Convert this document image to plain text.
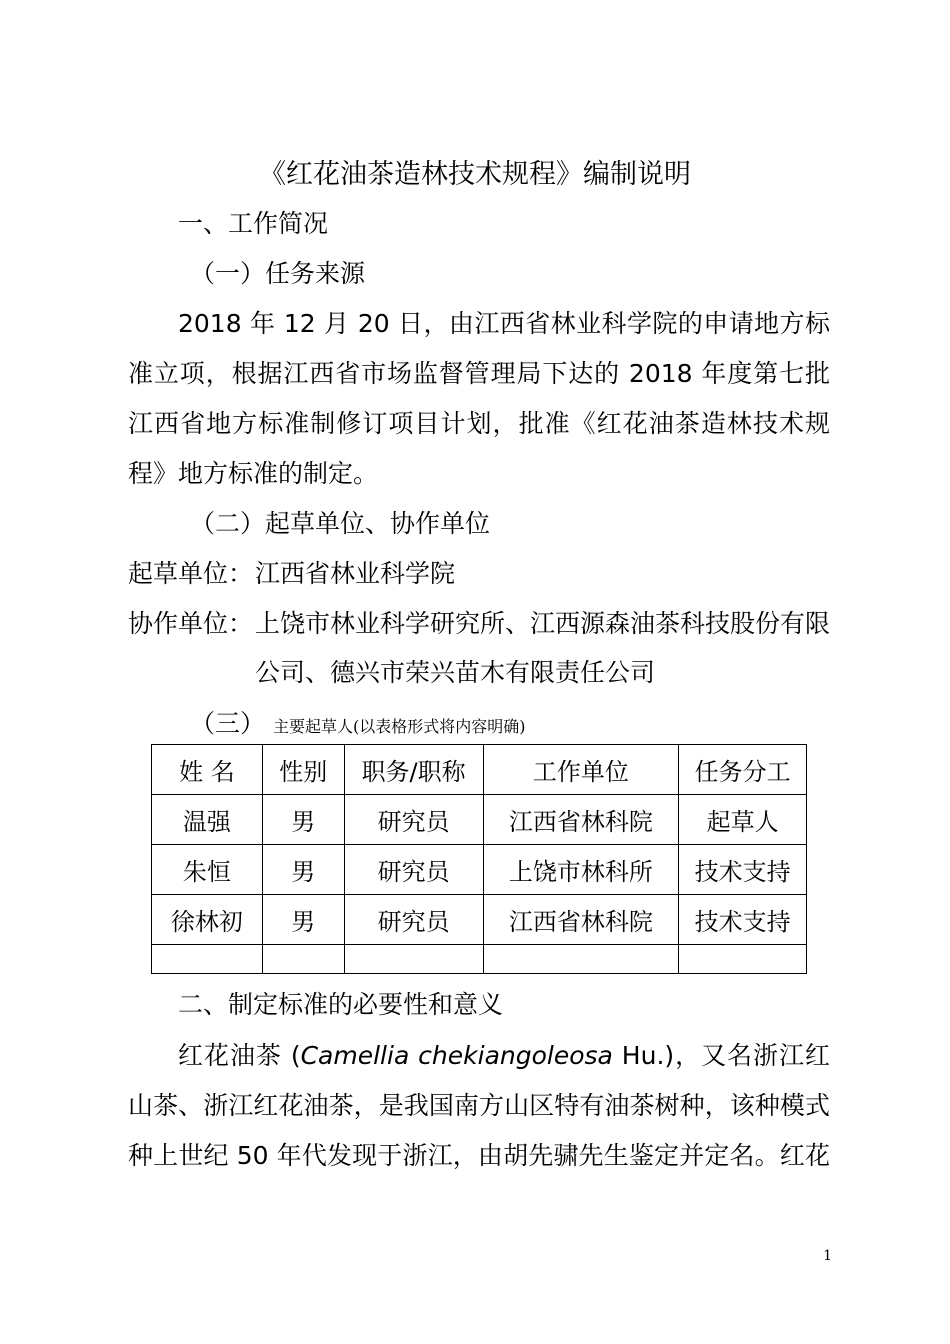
《红花油茶造林技术规程》编制说明
一、工作简况
（一）任务来源
2018 年 12 月 20 日，由江西省林业科学院的申请地方标
准立项，根据江西省市场监督管理局下达的 2018 年度第七批
江西省地方标准制修订项目计划，批准《红花油茶造林技术规
程》地方标准的制定。
（二）起草单位、协作单位
起草单位： 江西省林业科学院
协作单位： 上饶市林业科学研究所、江西源森油茶科技股份有限
公司、德兴市荣兴苗木有限责任公司
（三） 主要起草人(以表格形式将内容明确)
姓 名	性别	职务/职称	工作单位	任务分工
温强	男	研究员	江西省林科院	起草人
朱恒	男	研究员	上饶市林科所	技术支持
徐林初	男	研究员	江西省林科院	技术支持

二、制定标准的必要性和意义
红花油茶 (Camellia chekiangoleosa Hu.)，又名浙江红
山茶、浙江红花油茶，是我国南方山区特有油茶树种，该种模式
种上世纪 50 年代发现于浙江，由胡先骕先生鉴定并定名。红花
1
